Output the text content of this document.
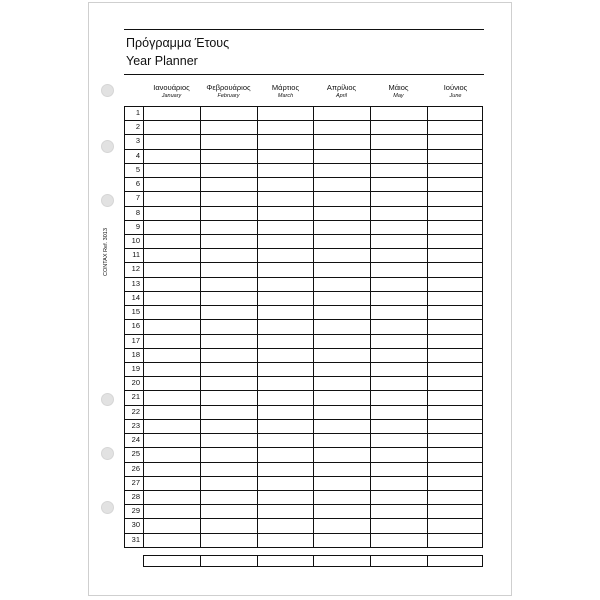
CONTAX Ref. 3013
Πρόγραμμα Έτους
Year Planner
Ιανουάριος
January
Φεβρουάριος
February
Μάρτιος
March
Απρίλιος
April
Μάιος
May
Ιούνιος
June
1
2
3
4
5
6
7
8
9
10
11
12
13
14
15
16
17
18
19
20
21
22
23
24
25
26
27
28
29
30
31
